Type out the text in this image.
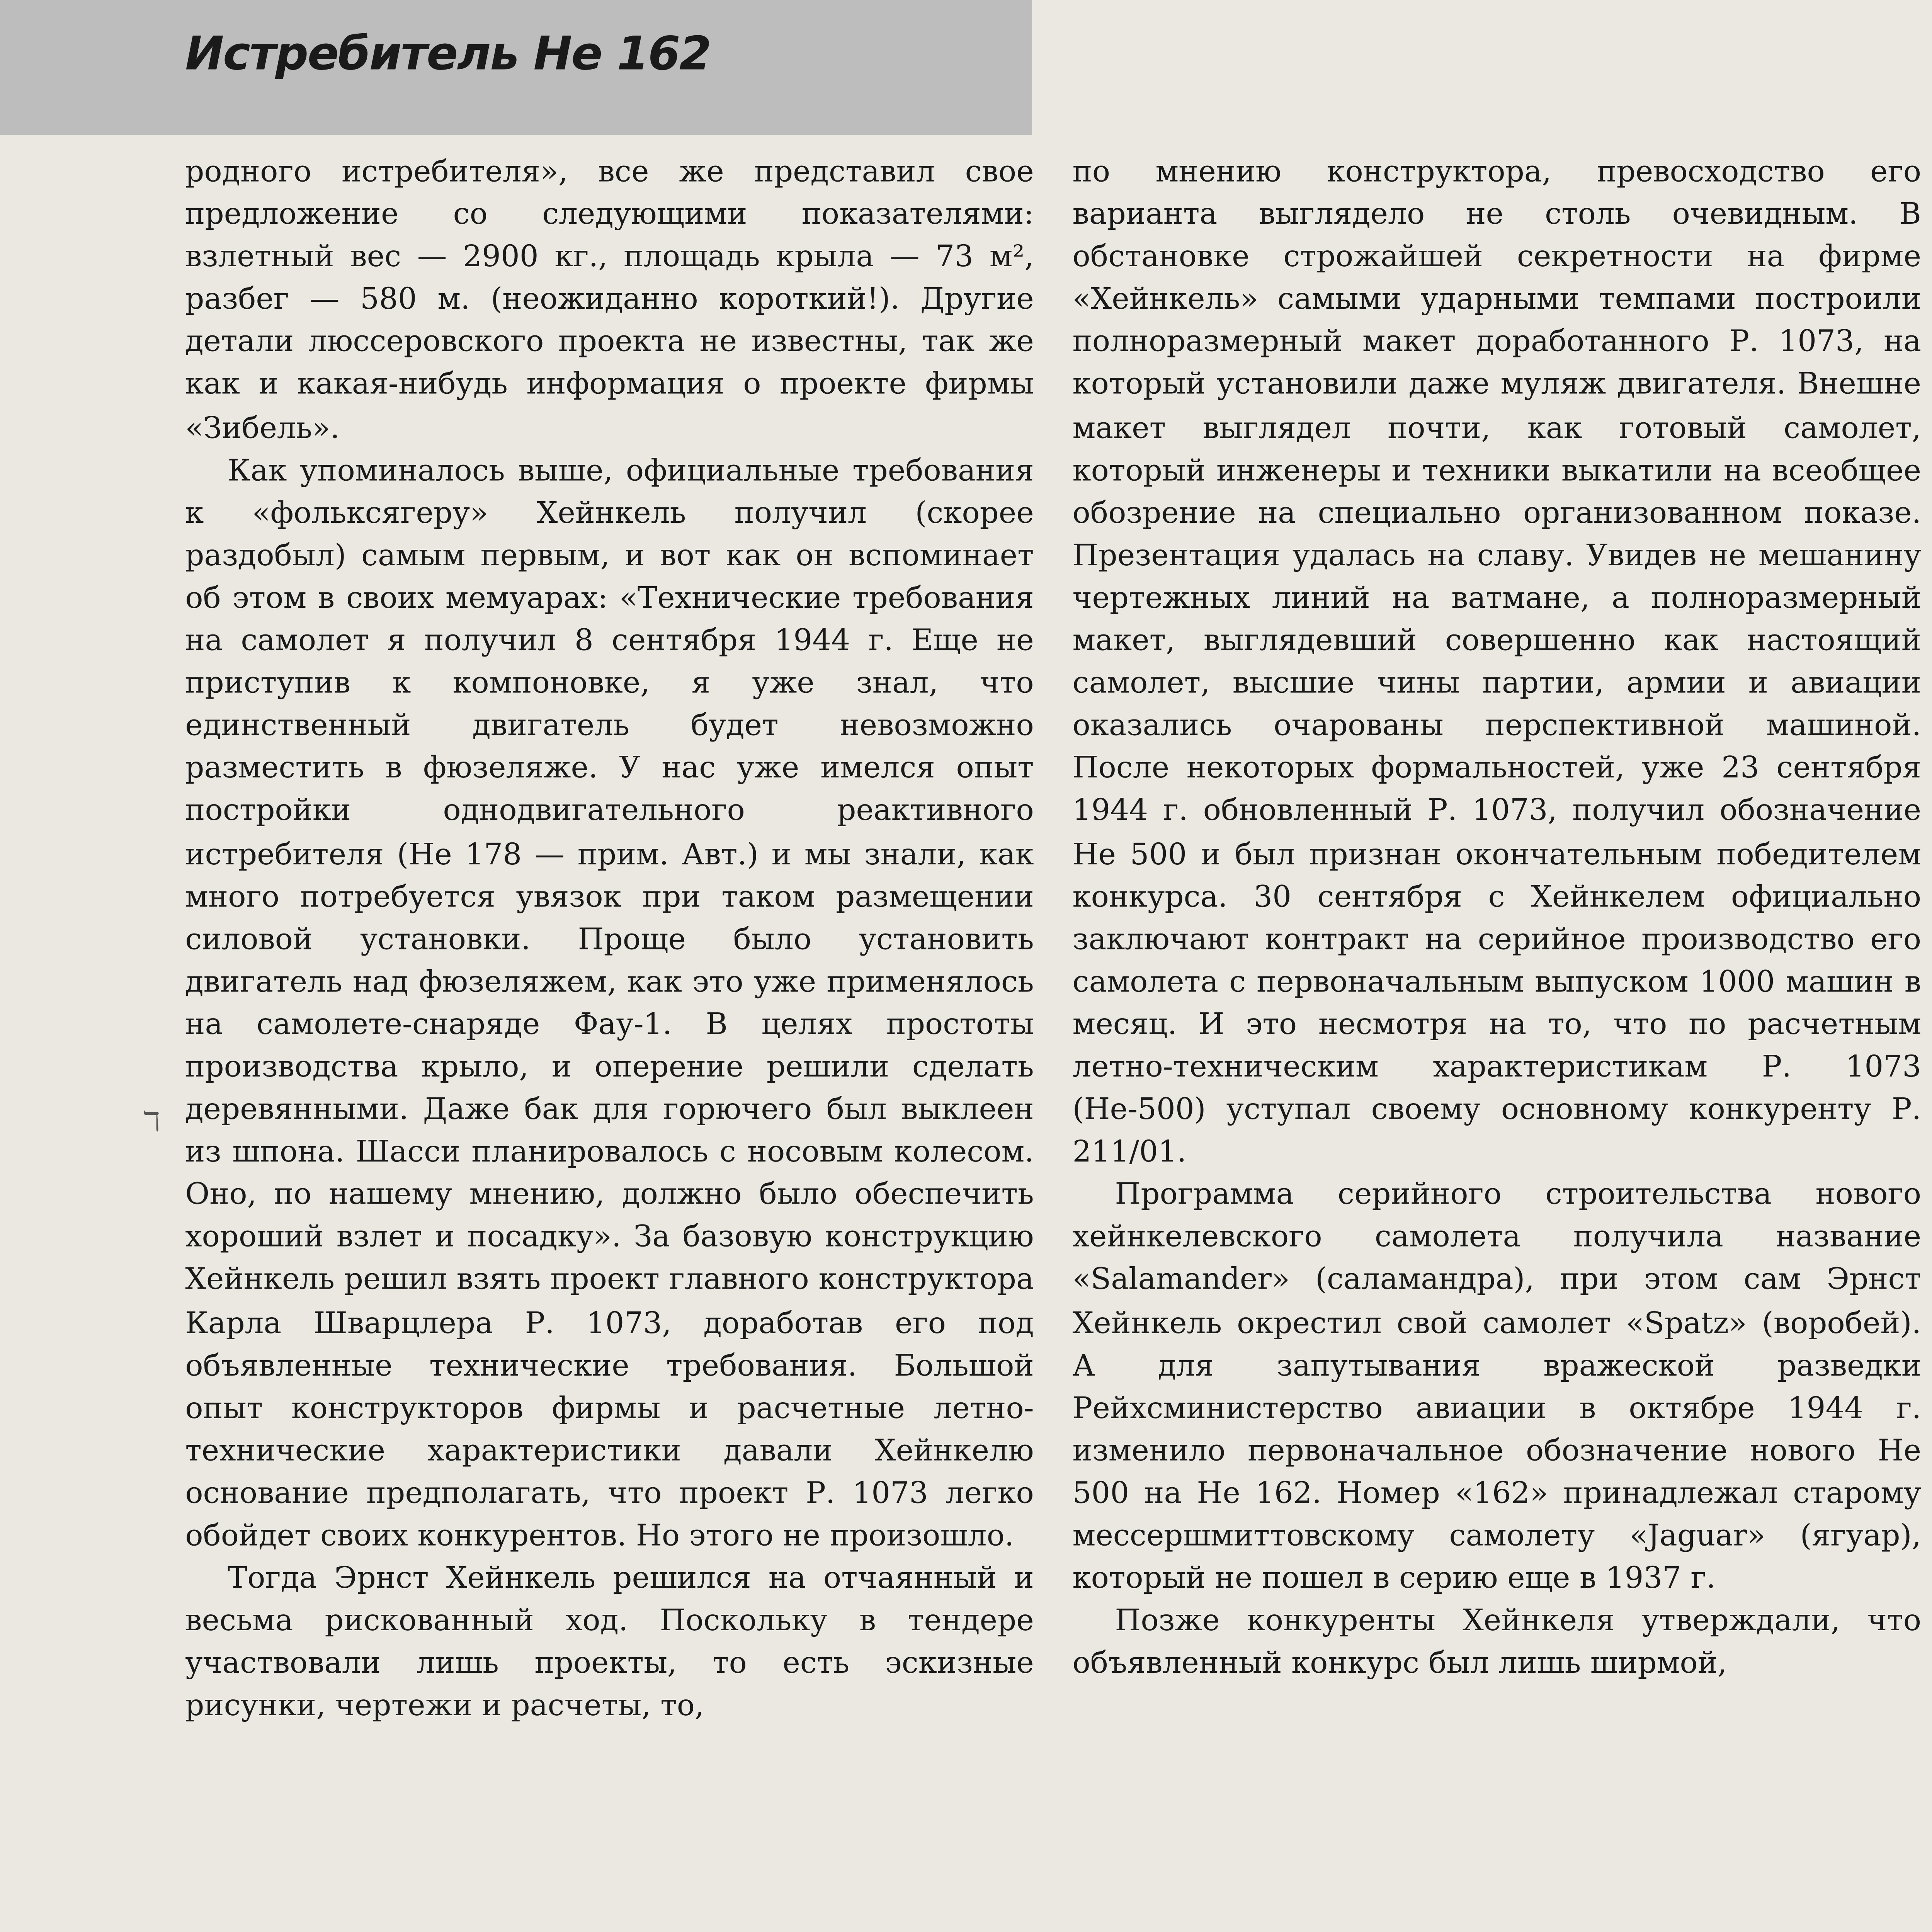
Истребитель Не 162
ℸ

родного истребителя», все же представил свое предложение со следующими показателями: взлетный вес — 2900 кг., площадь крыла — 73 м², разбег — 580 м. (неожиданно короткий!). Другие детали люссеровского проекта не известны, так же как и какая-нибудь информация о проекте фирмы «Зибель».

Как упоминалось выше, официальные требования к «фольксягеру» Хейнкель получил (скорее раздобыл) самым первым, и вот как он вспоминает об этом в своих мемуарах: «Технические требования на самолет я получил 8 сентября 1944 г. Еще не приступив к компоновке, я уже знал, что единственный двигатель будет невозможно разместить в фюзеляже. У нас уже имелся опыт постройки однодвигательного реактивного истребителя (Не 178 — прим. Авт.) и мы знали, как много потребуется увязок при таком размещении силовой установки. Проще было установить двигатель над фюзеляжем, как это уже применялось на самолете-снаряде Фау-1. В целях простоты производства крыло, и оперение решили сделать деревянными. Даже бак для горючего был выклеен из шпона. Шасси планировалось с носовым колесом. Оно, по нашему мнению, должно было обеспечить хороший взлет и посадку». За базовую конструкцию Хейнкель решил взять проект главного конструктора Карла Шварцлера Р. 1073, доработав его под объявленные технические требования. Большой опыт конструкторов фирмы и расчетные летно-технические характеристики давали Хейнкелю основание предполагать, что проект Р. 1073 легко обойдет своих конкурентов. Но этого не произошло.

Тогда Эрнст Хейнкель решился на отчаянный и весьма рискованный ход. Поскольку в тендере участвовали лишь проекты, то есть эскизные рисунки, чертежи и расчеты, то,

по мнению конструктора, превосходство его варианта выглядело не столь очевидным. В обстановке строжайшей секретности на фирме «Хейнкель» самыми ударными темпами построили полноразмерный макет доработанного Р. 1073, на который установили даже муляж двигателя. Внешне макет выглядел почти, как готовый самолет, который инженеры и техники выкатили на всеобщее обозрение на специально организованном показе. Презентация удалась на славу. Увидев не мешанину чертежных линий на ватмане, а полноразмерный макет, выглядевший совершенно как настоящий самолет, высшие чины партии, армии и авиации оказались очарованы перспективной машиной. После некоторых формальностей, уже 23 сентября 1944 г. обновленный Р. 1073, получил обозначение Не 500 и был признан окончательным победителем конкурса. 30 сентября с Хейнкелем официально заключают контракт на серийное производство его самолета с первоначальным выпуском 1000 машин в месяц. И это несмотря на то, что по расчетным летно-техническим характеристикам Р. 1073 (Не-500) уступал своему основному конкуренту Р. 211/01.

Программа серийного строительства нового хейнкелевского самолета получила название «Salamander» (саламандра), при этом сам Эрнст Хейнкель окрестил свой самолет «Spatz» (воробей). А для запутывания вражеской разведки Рейхсминистерство авиации в октябре 1944 г. изменило первоначальное обозначение нового Не 500 на Не 162. Номер «162» принадлежал старому мессершмиттовскому самолету «Jaguar» (ягуар), который не пошел в серию еще в 1937 г.

Позже конкуренты Хейнкеля утверждали, что объявленный конкурс был лишь ширмой,
